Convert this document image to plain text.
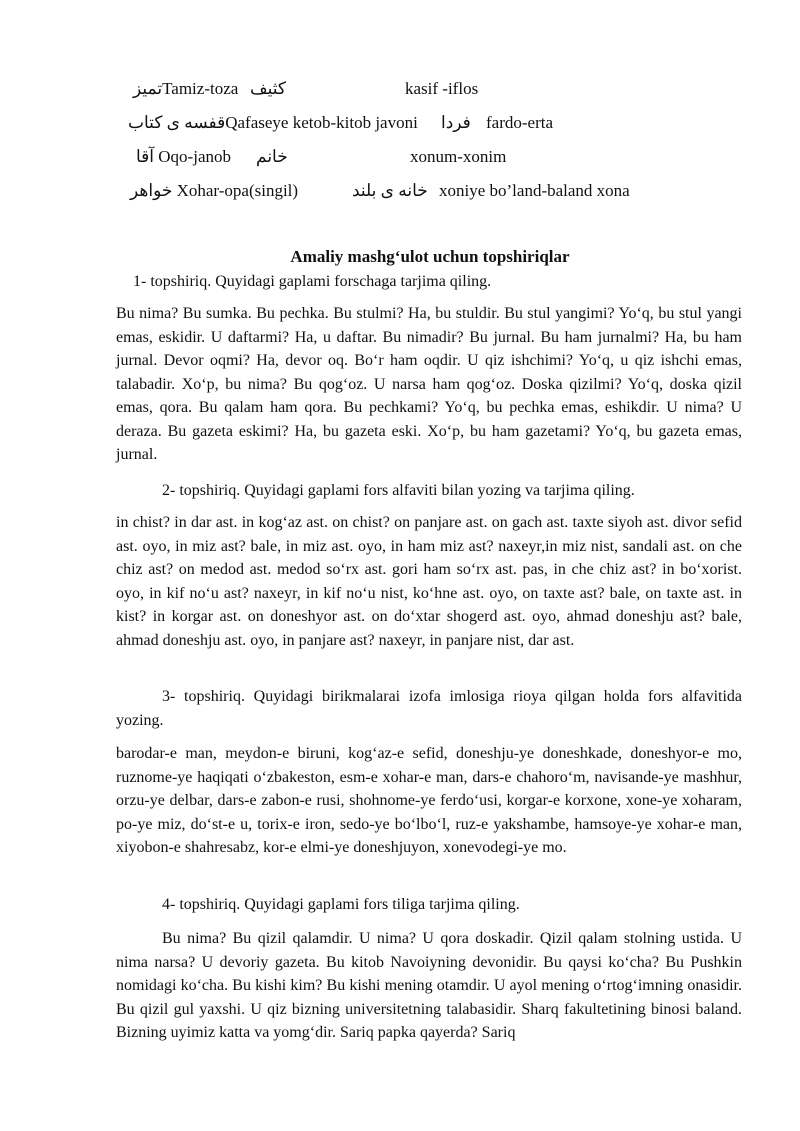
تمیزTamiz-toza کثیف	kasif -iflos
قفسه ی کتابQafaseye ketob-kitob javoni فردا fardo-erta
آقا Oqo-janob خانم	xonum-xonim
خواهر Xohar-opa(singil)	خانه ی بلند xoniye bo’land-baland xona
Amaliy mashg‘ulot uchun topshiriqlar

1- topshiriq. Quyidagi gaplami forschaga tarjima qiling.

Bu nima? Bu sumka. Bu pechka. Bu stulmi? Ha, bu stuldir. Bu stul yangimi? Yo‘q, bu stul yangi emas, eskidir. U daftarmi? Ha, u daftar. Bu nimadir? Bu jurnal. Bu ham jurnalmi? Ha, bu ham jurnal. Devor oqmi? Ha, devor oq. Bo‘r ham oqdir. U qiz ishchimi? Yo‘q, u qiz ishchi emas, talabadir. Xo‘p, bu nima? Bu qog‘oz. U narsa ham qog‘oz. Doska qizilmi? Yo‘q, doska qizil emas, qora. Bu qalam ham qora. Bu pechkami? Yo‘q, bu pechka emas, eshikdir. U nima? U deraza. Bu gazeta eskimi? Ha, bu gazeta eski. Xo‘p, bu ham gazetami? Yo‘q, bu gazeta emas, jurnal.

2- topshiriq. Quyidagi gaplami fors alfaviti bilan yozing va tarjima qiling.

in chist? in dar ast. in kog‘az ast. on chist? on panjare ast. on gach ast. taxte siyoh ast. divor sefid ast. oyo, in miz ast? bale, in miz ast. oyo, in ham miz ast? naxeyr,in miz nist, sandali ast. on che chiz ast? on medod ast. medod so‘rx ast. gori ham so‘rx ast. pas, in che chiz ast? in bo‘xorist. oyo, in kif no‘u ast? naxeyr, in kif no‘u nist, ko‘hne ast. oyo, on taxte ast? bale, on taxte ast. in kist? in korgar ast. on doneshyor ast. on do‘xtar shogerd ast. oyo, ahmad doneshju ast? bale, ahmad doneshju ast. oyo, in panjare ast? naxeyr, in panjare nist, dar ast.

3- topshiriq. Quyidagi birikmalarai izofa imlosiga rioya qilgan holda fors alfavitida yozing.

barodar-e man, meydon-e biruni, kog‘az-e sefid, doneshju-ye doneshkade, doneshyor-e mo, ruznome-ye haqiqati o‘zbakeston, esm-e xohar-e man, dars-e chahoro‘m, navisande-ye mashhur, orzu-ye delbar, dars-e zabon-e rusi, shohnome-ye ferdo‘usi, korgar-e korxone, xone-ye xoharam, po-ye miz, do‘st-e u, torix-e iron, sedo-ye bo‘lbo‘l, ruz-e yakshambe, hamsoye-ye xohar-e man, xiyobon-e shahresabz, kor-e elmi-ye doneshjuyon, xonevodegi-ye mo.

4- topshiriq. Quyidagi gaplami fors tiliga tarjima qiling.

Bu nima? Bu qizil qalamdir. U nima? U qora doskadir. Qizil qalam stolning ustida. U nima narsa? U devoriy gazeta. Bu kitob Navoiyning devonidir. Bu qaysi ko‘cha? Bu Pushkin nomidagi ko‘cha. Bu kishi kim? Bu kishi mening otamdir. U ayol mening o‘rtog‘imning onasidir. Bu qizil gul yaxshi. U qiz bizning universitetning talabasidir. Sharq fakultetining binosi baland. Bizning uyimiz katta va yomg‘dir. Sariq papka qayerda? Sariq
